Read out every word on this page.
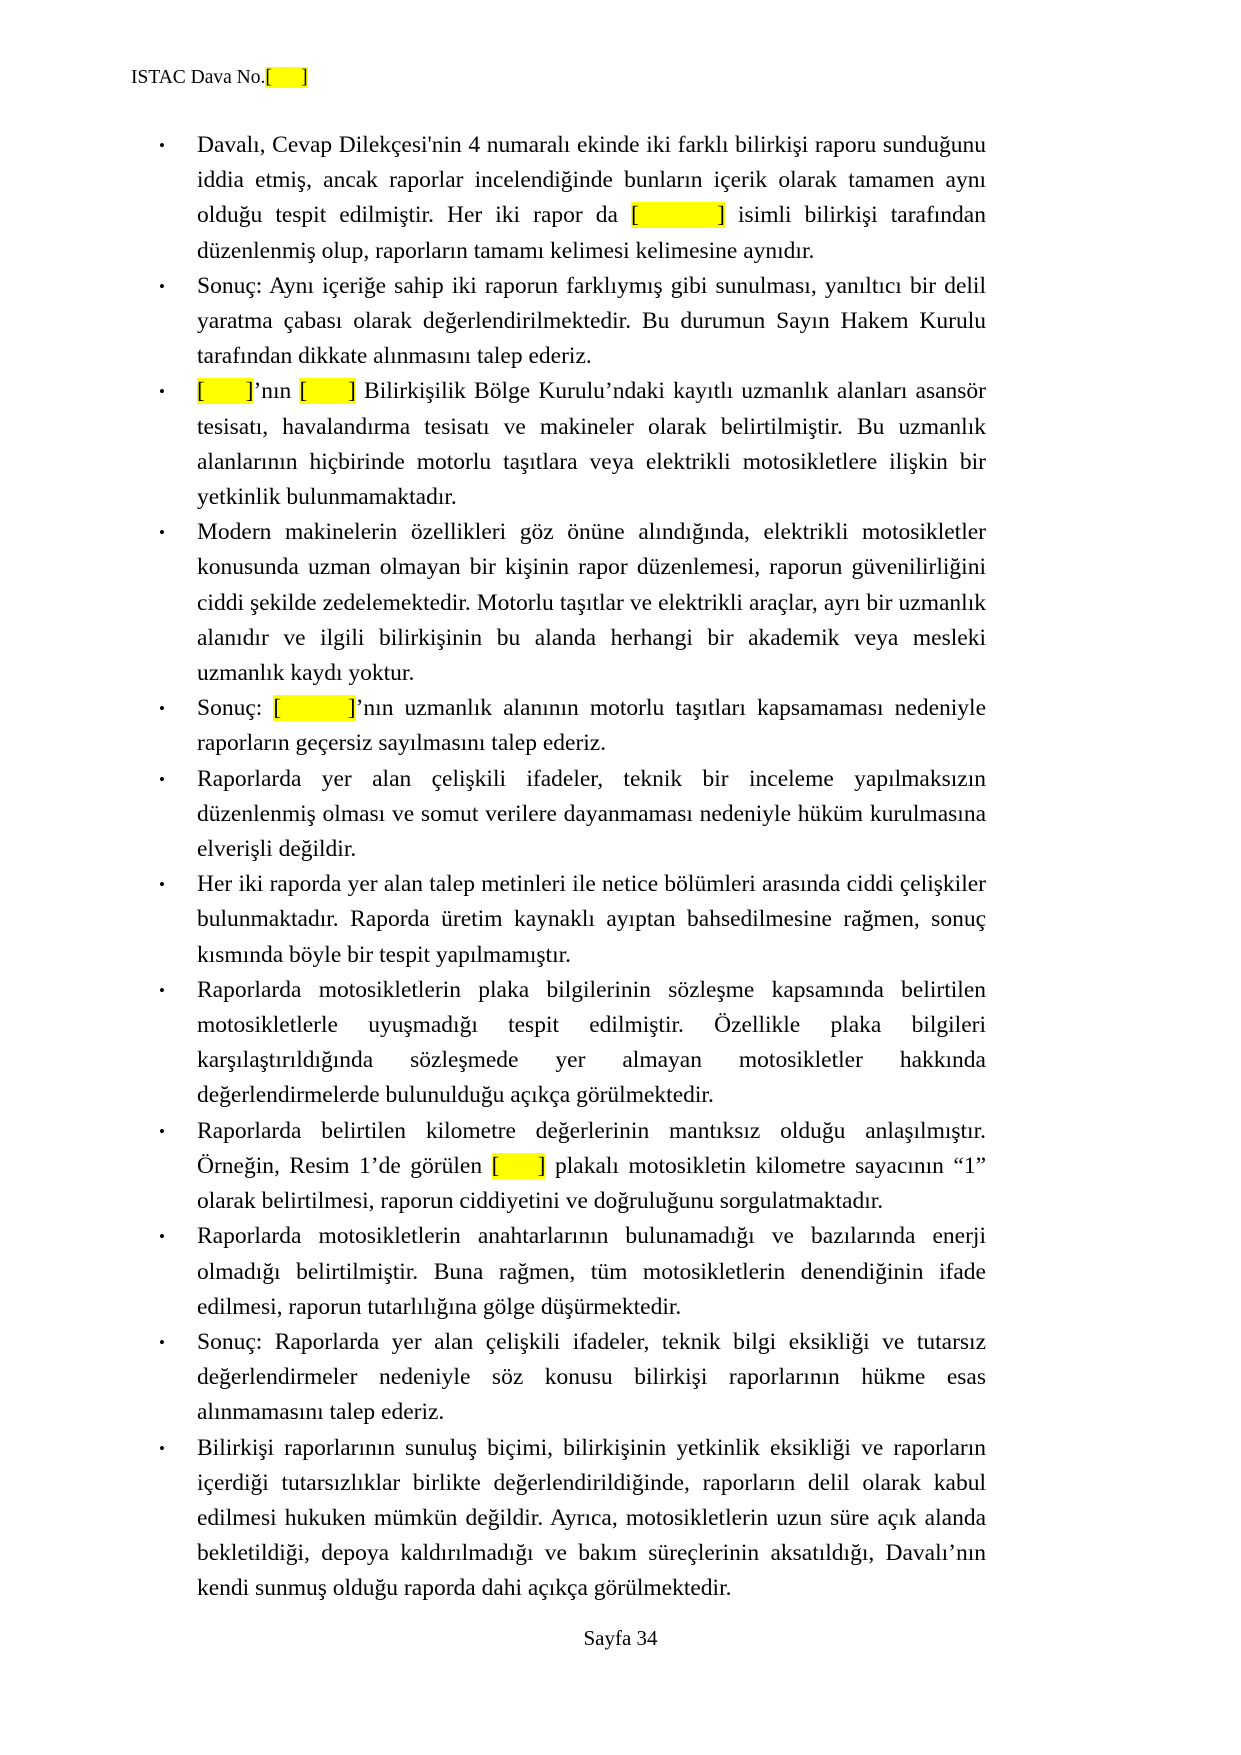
ISTAC Dava No.[      ]
• Davalı, Cevap Dilekçesi'nin 4 numaralı ekinde iki farklı bilirkişi raporu sunduğunu iddia etmiş, ancak raporlar incelendiğinde bunların içerik olarak tamamen aynı olduğu tespit edilmiştir. Her iki rapor da [      ] isimli bilirkişi tarafından düzenlenmiş olup, raporların tamamı kelimesi kelimesine aynıdır.
• Sonuç: Aynı içeriğe sahip iki raporun farklıymış gibi sunulması, yanıltıcı bir delil yaratma çabası olarak değerlendirilmektedir. Bu durumun Sayın Hakem Kurulu tarafından dikkate alınmasını talep ederiz.
• [     ]’nın [     ] Bilirkişilik Bölge Kurulu’ndaki kayıtlı uzmanlık alanları asansör tesisatı, havalandırma tesisatı ve makineler olarak belirtilmiştir. Bu uzmanlık alanlarının hiçbirinde motorlu taşıtlara veya elektrikli motosikletlere ilişkin bir yetkinlik bulunmamaktadır.
• Modern makinelerin özellikleri göz önüne alındığında, elektrikli motosikletler konusunda uzman olmayan bir kişinin rapor düzenlemesi, raporun güvenilirliğini ciddi şekilde zedelemektedir. Motorlu taşıtlar ve elektrikli araçlar, ayrı bir uzmanlık alanıdır ve ilgili bilirkişinin bu alanda herhangi bir akademik veya mesleki uzmanlık kaydı yoktur.
• Sonuç: [      ]’nın uzmanlık alanının motorlu taşıtları kapsamaması nedeniyle raporların geçersiz sayılmasını talep ederiz.
• Raporlarda yer alan çelişkili ifadeler, teknik bir inceleme yapılmaksızın düzenlenmiş olması ve somut verilere dayanmaması nedeniyle hüküm kurulmasına elverişli değildir.
• Her iki raporda yer alan talep metinleri ile netice bölümleri arasında ciddi çelişkiler bulunmaktadır. Raporda üretim kaynaklı ayıptan bahsedilmesine rağmen, sonuç kısmında böyle bir tespit yapılmamıştır.
• Raporlarda motosikletlerin plaka bilgilerinin sözleşme kapsamında belirtilen motosikletlerle uyuşmadığı tespit edilmiştir. Özellikle plaka bilgileri karşılaştırıldığında sözleşmede yer almayan motosikletler hakkında değerlendirmelerde bulunulduğu açıkça görülmektedir.
• Raporlarda belirtilen kilometre değerlerinin mantıksız olduğu anlaşılmıştır. Örneğin, Resim 1’de görülen [    ] plakalı motosikletin kilometre sayacının “1” olarak belirtilmesi, raporun ciddiyetini ve doğruluğunu sorgulatmaktadır.
• Raporlarda motosikletlerin anahtarlarının bulunamadığı ve bazılarında enerji olmadığı belirtilmiştir. Buna rağmen, tüm motosikletlerin denendiğinin ifade edilmesi, raporun tutarlılığına gölge düşürmektedir.
• Sonuç: Raporlarda yer alan çelişkili ifadeler, teknik bilgi eksikliği ve tutarsız değerlendirmeler nedeniyle söz konusu bilirkişi raporlarının hükme esas alınmamasını talep ederiz.
• Bilirkişi raporlarının sunuluş biçimi, bilirkişinin yetkinlik eksikliği ve raporların içerdiği tutarsızlıklar birlikte değerlendirildiğinde, raporların delil olarak kabul edilmesi hukuken mümkün değildir. Ayrıca, motosikletlerin uzun süre açık alanda bekletildiği, depoya kaldırılmadığı ve bakım süreçlerinin aksatıldığı, Davalı’nın kendi sunmuş olduğu raporda dahi açıkça görülmektedir.
Sayfa 34
